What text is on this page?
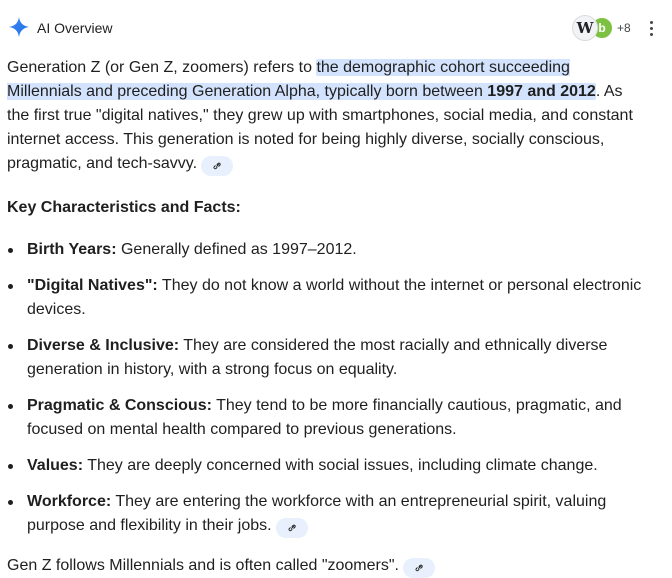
AI Overview	W b +8

Generation Z (or Gen Z, zoomers) refers to the demographic cohort succeeding Millennials and preceding Generation Alpha, typically born between 1997 and 2012. As the first true "digital natives," they grew up with smartphones, social media, and constant internet access. This generation is noted for being highly diverse, socially conscious, pragmatic, and tech-savvy.

Key Characteristics and Facts:

Birth Years: Generally defined as 1997–2012.
"Digital Natives": They do not know a world without the internet or personal electronic devices.
Diverse & Inclusive: They are considered the most racially and ethnically diverse generation in history, with a strong focus on equality.
Pragmatic & Conscious: They tend to be more financially cautious, pragmatic, and focused on mental health compared to previous generations.
Values: They are deeply concerned with social issues, including climate change.
Workforce: They are entering the workforce with an entrepreneurial spirit, valuing purpose and flexibility in their jobs.

Gen Z follows Millennials and is often called "zoomers".
